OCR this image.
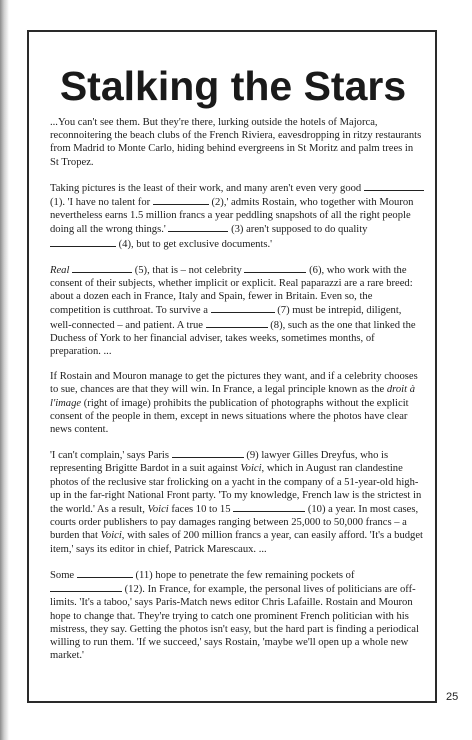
Stalking the Stars

...You can't see them. But they're there, lurking outside the hotels of Majorca, reconnoitering the beach clubs of the French Riviera, eavesdropping in ritzy restaurants from Madrid to Monte Carlo, hiding behind evergreens in St Moritz and palm trees in St Tropez.

Taking pictures is the least of their work, and many aren't even very good  (1). 'I have no talent for	(2),' admits Rostain, who together with Mouron nevertheless earns 1.5 million francs a year peddling snapshots of all the right people doing all the wrong things.'	(3) aren't supposed to do quality  (4), but to get exclusive documents.'

Real	(5), that is – not celebrity	(6), who work with the consent of their subjects, whether implicit or explicit. Real paparazzi are a rare breed: about a dozen each in France, Italy and Spain, fewer in Britain. Even so, the competition is cutthroat. To survive a	(7) must be intrepid, diligent, well-connected – and patient. A true	(8), such as the one that linked the Duchess of York to her financial adviser, takes weeks, sometimes months, of preparation. ...

If Rostain and Mouron manage to get the pictures they want, and if a celebrity chooses to sue, chances are that they will win. In France, a legal principle known as the droit à l'image (right of image) prohibits the publication of photographs without the explicit consent of the people in them, except in news situations where the photos have clear news content.

'I can't complain,' says Paris	(9) lawyer Gilles Dreyfus, who is representing Brigitte Bardot in a suit against Voici, which in August ran clandestine photos of the reclusive star frolicking on a yacht in the company of a 51-year-old high-up in the far-right National Front party. 'To my knowledge, French law is the strictest in the world.' As a result, Voici faces 10 to 15	(10) a year. In most cases, courts order publishers to pay damages ranging between 25,000 to 50,000 francs – a burden that Voici, with sales of 200 million francs a year, can easily afford. 'It's a budget item,' says its editor in chief, Patrick Marescaux. ...

Some	(11) hope to penetrate the few remaining pockets of  (12). In France, for example, the personal lives of politicians are off-limits. 'It's a taboo,' says Paris-Match news editor Chris Lafaille. Rostain and Mouron hope to change that. They're trying to catch one prominent French politician with his mistress, they say. Getting the photos isn't easy, but the hard part is finding a periodical willing to run them. 'If we succeed,' says Rostain, 'maybe we'll open up a whole new market.'

25
